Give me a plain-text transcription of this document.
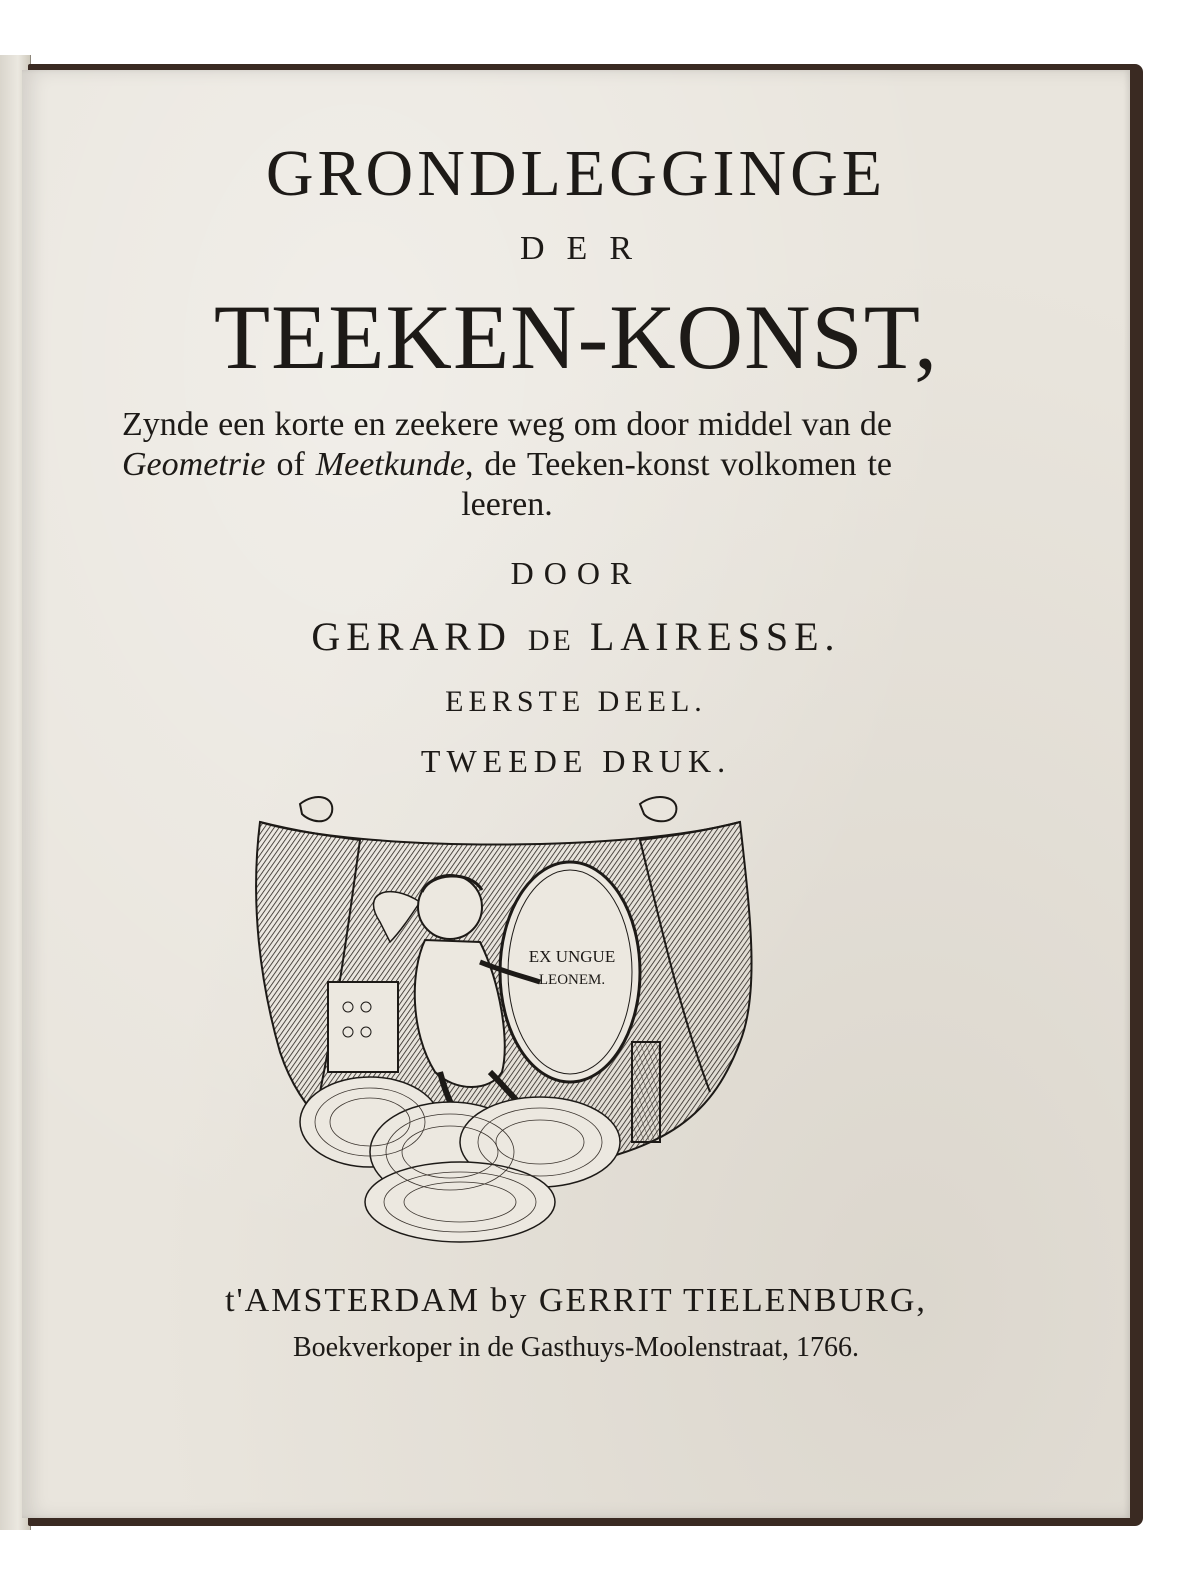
GRONDLEGGINGE
DER
TEEKEN-KONST,
Zynde een korte en zeekere weg om door middel van de Geometrie of Meetkunde, de Teeken-konst volkomen te leeren.
DOOR
GERARD DE LAIRESSE.
EERSTE DEEL.
TWEEDE DRUK.
EX UNGUE
LEONEM.
t'AMSTERDAM by GERRIT TIELENBURG,
Boekverkoper in de Gasthuys-Moolenstraat, 1766.
